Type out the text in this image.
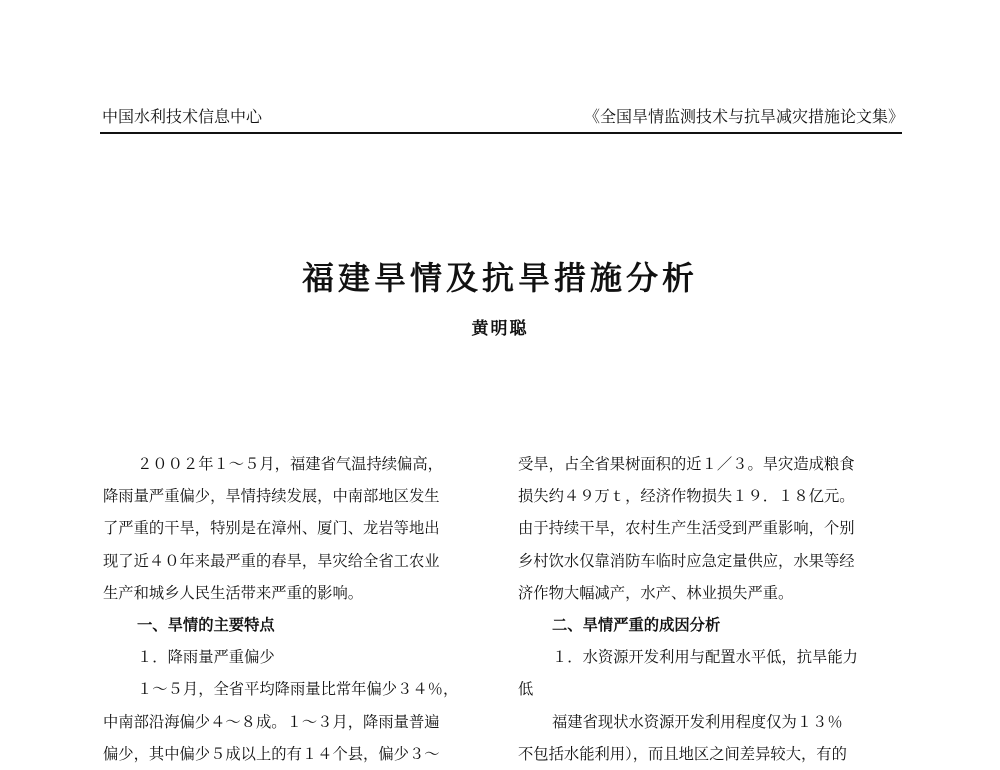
中国水利技术信息中心	《全国旱情监测技术与抗旱减灾措施论文集》
福建旱情及抗旱措施分析
黄明聪
２００２年１～５月，福建省气温持续偏高，
降雨量严重偏少，旱情持续发展，中南部地区发生
了严重的干旱，特别是在漳州、厦门、龙岩等地出
现了近４０年来最严重的春旱，旱灾给全省工农业
生产和城乡人民生活带来严重的影响。
一、旱情的主要特点
１．降雨量严重偏少
１～５月，全省平均降雨量比常年偏少３４％，
中南部沿海偏少４～８成。１～３月，降雨量普遍
偏少，其中偏少５成以上的有１４个县，偏少３～
受旱，占全省果树面积的近１／３。旱灾造成粮食
损失约４９万ｔ，经济作物损失１９．１８亿元。
由于持续干旱，农村生产生活受到严重影响，个别
乡村饮水仅靠消防车临时应急定量供应，水果等经
济作物大幅减产，水产、林业损失严重。
二、旱情严重的成因分析
１．水资源开发利用与配置水平低，抗旱能力
低
福建省现状水资源开发利用程度仅为１３％
不包括水能利用），而且地区之间差异较大，有的
